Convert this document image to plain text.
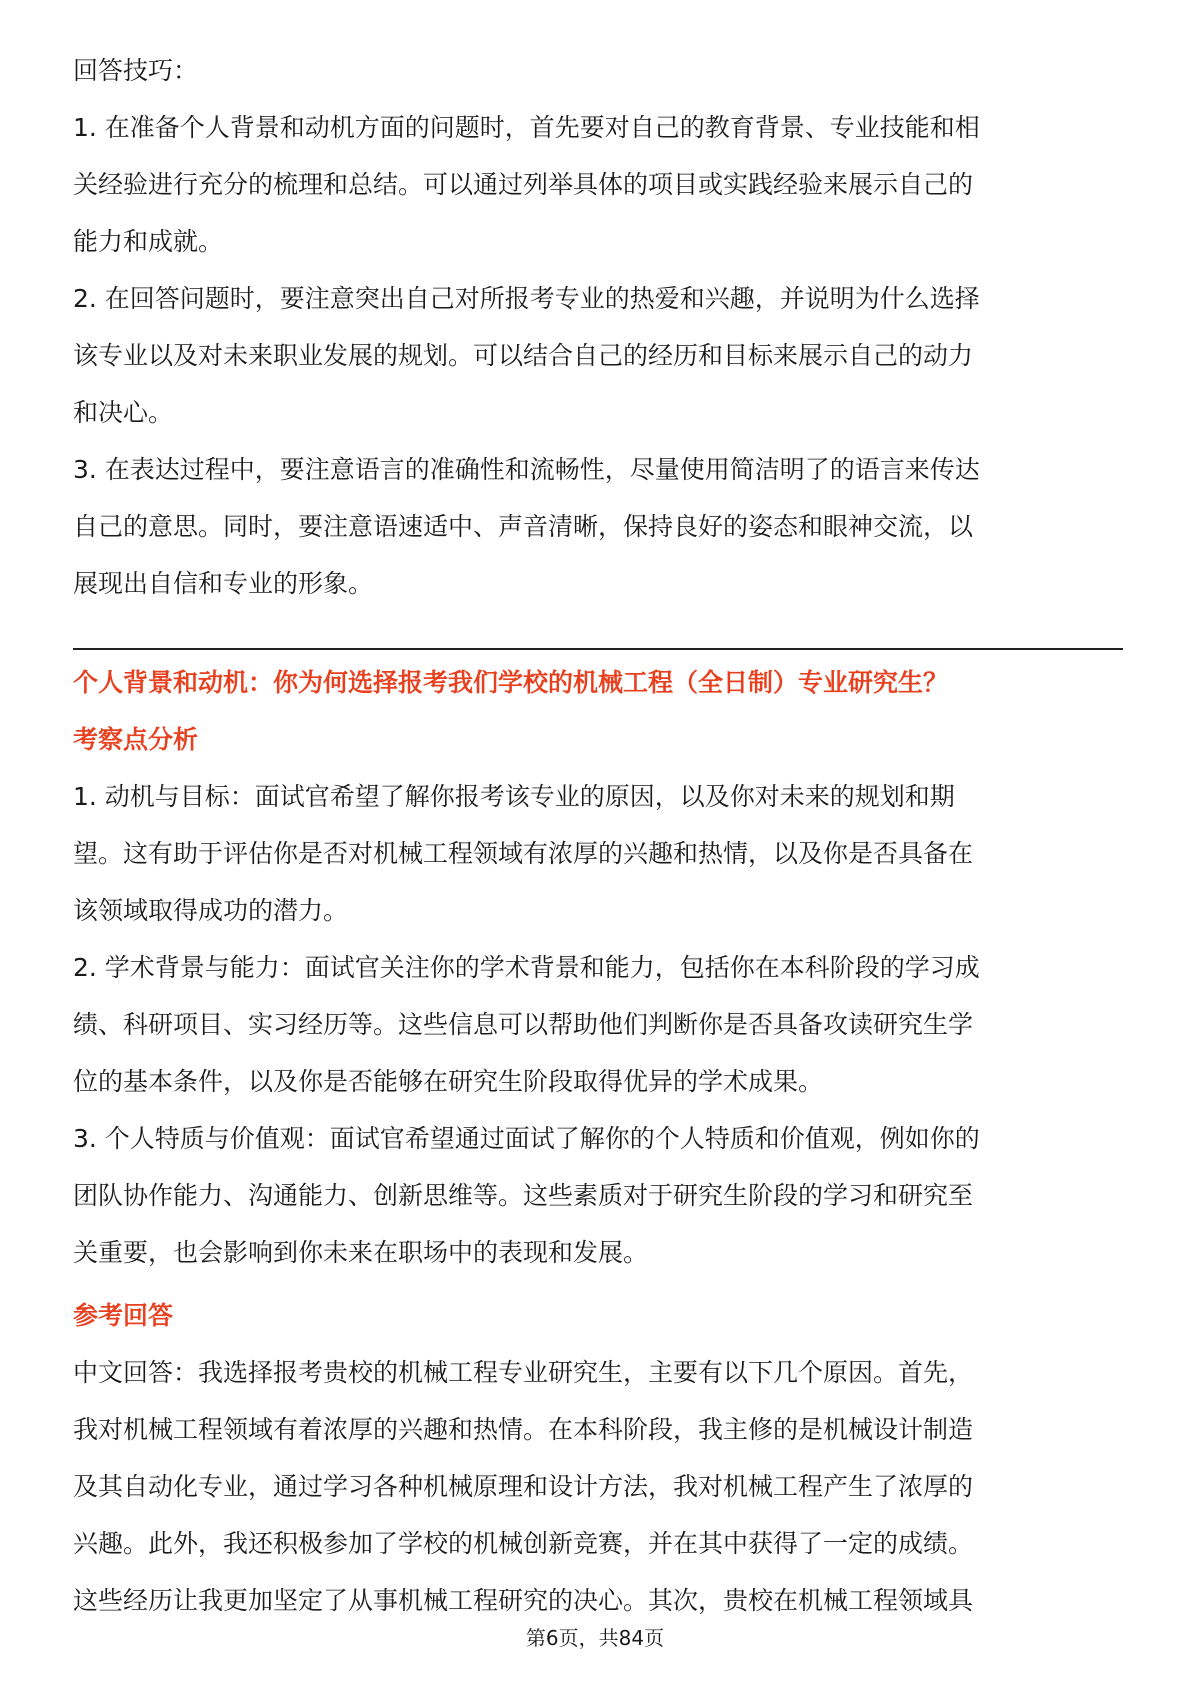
回答技巧：
1. 在准备个人背景和动机方面的问题时，首先要对自己的教育背景、专业技能和相
关经验进行充分的梳理和总结。可以通过列举具体的项目或实践经验来展示自己的
能力和成就。
2. 在回答问题时，要注意突出自己对所报考专业的热爱和兴趣，并说明为什么选择
该专业以及对未来职业发展的规划。可以结合自己的经历和目标来展示自己的动力
和决心。
3. 在表达过程中，要注意语言的准确性和流畅性，尽量使用简洁明了的语言来传达
自己的意思。同时，要注意语速适中、声音清晰，保持良好的姿态和眼神交流，以
展现出自信和专业的形象。
个人背景和动机：你为何选择报考我们学校的机械工程（全日制）专业研究生？
考察点分析
1. 动机与目标：面试官希望了解你报考该专业的原因，以及你对未来的规划和期
望。这有助于评估你是否对机械工程领域有浓厚的兴趣和热情，以及你是否具备在
该领域取得成功的潜力。
2. 学术背景与能力：面试官关注你的学术背景和能力，包括你在本科阶段的学习成
绩、科研项目、实习经历等。这些信息可以帮助他们判断你是否具备攻读研究生学
位的基本条件，以及你是否能够在研究生阶段取得优异的学术成果。
3. 个人特质与价值观：面试官希望通过面试了解你的个人特质和价值观，例如你的
团队协作能力、沟通能力、创新思维等。这些素质对于研究生阶段的学习和研究至
关重要，也会影响到你未来在职场中的表现和发展。
参考回答
中文回答：我选择报考贵校的机械工程专业研究生，主要有以下几个原因。首先，
我对机械工程领域有着浓厚的兴趣和热情。在本科阶段，我主修的是机械设计制造
及其自动化专业，通过学习各种机械原理和设计方法，我对机械工程产生了浓厚的
兴趣。此外，我还积极参加了学校的机械创新竞赛，并在其中获得了一定的成绩。
这些经历让我更加坚定了从事机械工程研究的决心。其次，贵校在机械工程领域具
第6页，共84页
